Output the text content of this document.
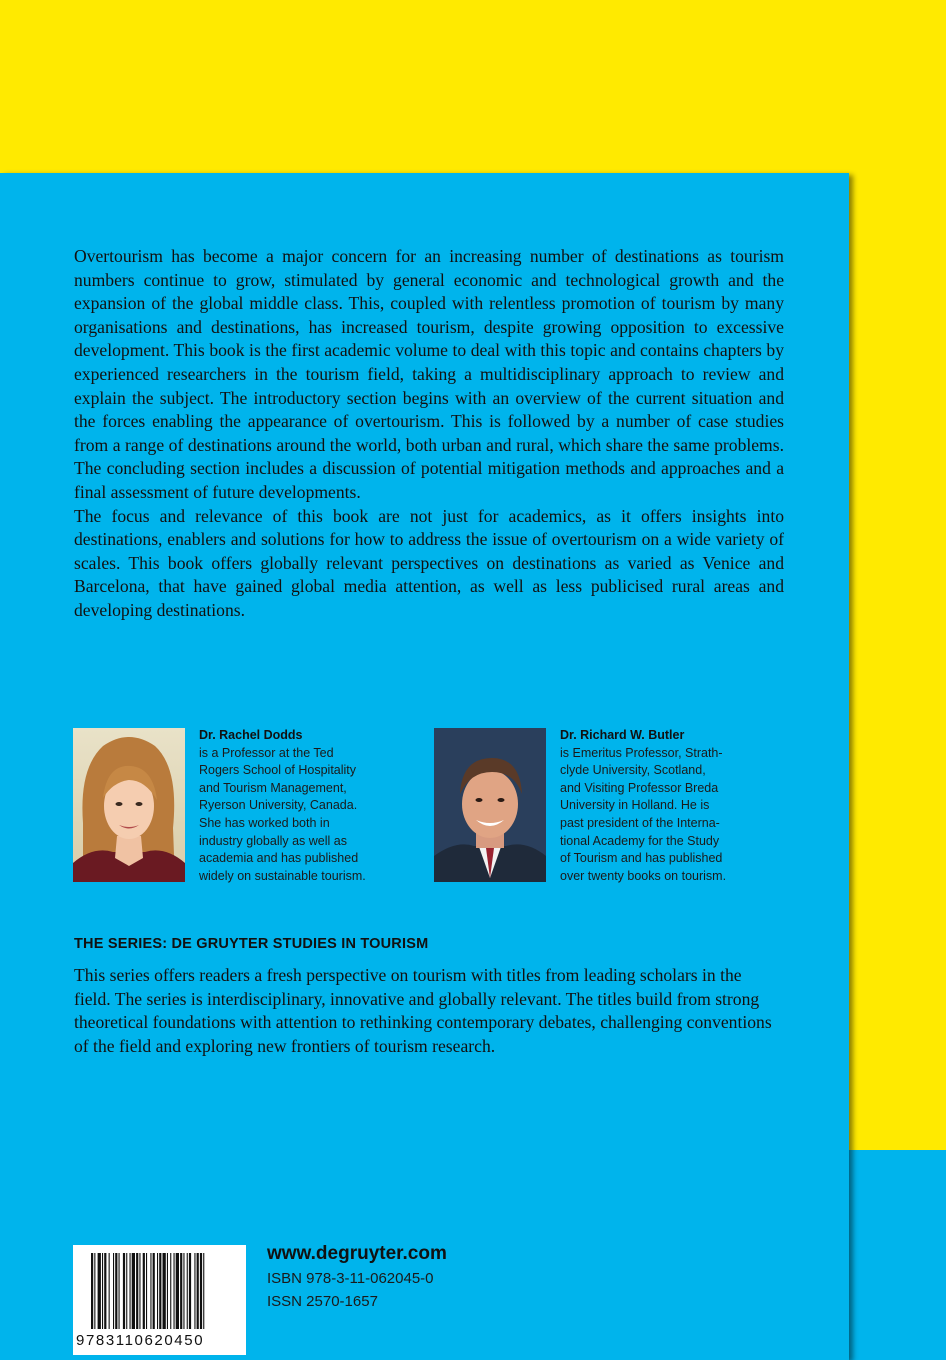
Overtourism has become a major concern for an increasing number of destinations as tourism numbers continue to grow, stimulated by general economic and technological growth and the expansion of the global middle class. This, coupled with relentless promotion of tourism by many organisations and destinations, has increased tourism, despite growing opposition to excessive development. This book is the first academic volume to deal with this topic and contains chapters by experienced researchers in the tourism field, taking a multidisciplinary approach to review and explain the subject. The introductory section begins with an overview of the current situation and the forces enabling the appearance of overtourism. This is followed by a number of case studies from a range of destinations around the world, both urban and rural, which share the same problems. The concluding section includes a discussion of potential mitigation methods and approaches and a final assessment of future developments.

The focus and relevance of this book are not just for academics, as it offers insights into destinations, enablers and solutions for how to address the issue of overtourism on a wide variety of scales. This book offers globally relevant perspectives on destinations as varied as Venice and Barcelona, that have gained global media attention, as well as less publicised rural areas and developing destinations.

Dr. Rachel Dodds
is a Professor at the Ted
Rogers School of Hospitality
and Tourism Management,
Ryerson University, Canada.
She has worked both in
industry globally as well as
academia and has published
widely on sustainable tourism.
Dr. Richard W. Butler
is Emeritus Professor, Strath-
clyde University, Scotland,
and Visiting Professor Breda
University in Holland. He is
past president of the Interna-
tional Academy for the Study
of Tourism and has published
over twenty books on tourism.
THE SERIES: DE GRUYTER STUDIES IN TOURISM
This series offers readers a fresh perspective on tourism with titles from leading scholars in the field. The series is interdisciplinary, innovative and globally relevant. The titles build from strong theoretical foundations with attention to rethinking contemporary debates, challenging conventions of the field and exploring new frontiers of tourism research.
9783110620450
www.degruyter.com
ISBN 978-3-11-062045-0
ISSN 2570-1657
